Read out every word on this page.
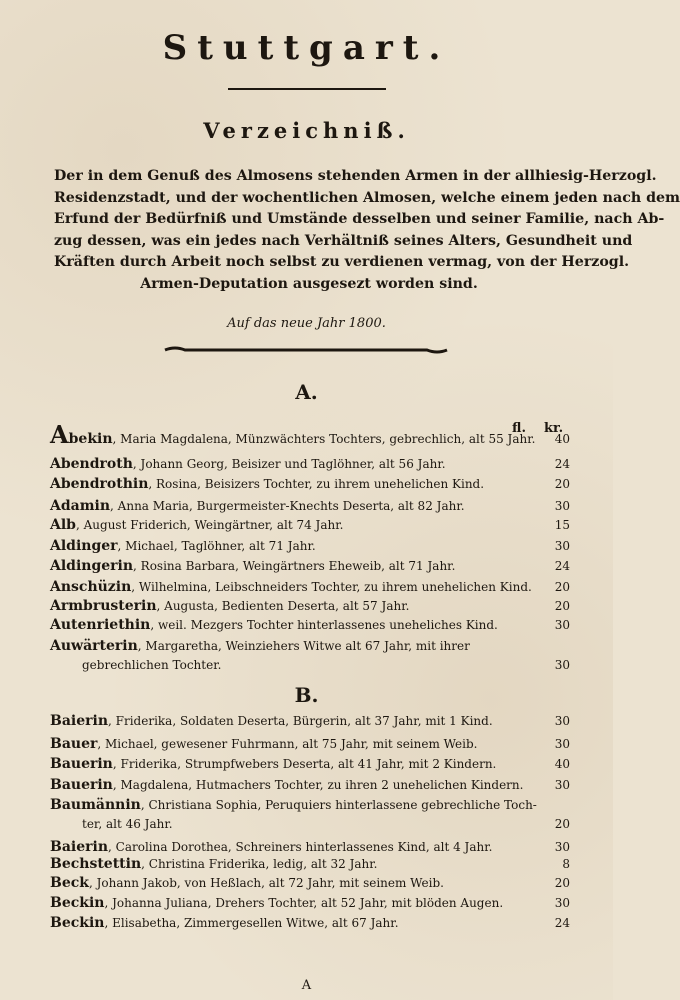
Stuttgart.
Verzeichniß.
Der in dem Genuß des Almosens stehenden Armen in der allhiesig-Herzogl.
Residenzstadt, und der wochentlichen Almosen, welche einem jeden nach dem
Erfund der Bedürfniß und Umstände desselben und seiner Familie, nach Ab-
zug dessen, was ein jedes nach Verhältniß seines Alters, Gesundheit und
Kräften durch Arbeit noch selbst zu verdienen vermag, von der Herzogl.
Armen-Deputation ausgesezt worden sind.
Auf das neue Jahr 1800.
A.
fl. kr.
Abekin, Maria Magdalena, Münzwächters Tochters, gebrechlich, alt 55 Jahr. 40
Abendroth, Johann Georg, Beisizer und Taglöhner, alt 56 Jahr.	24
Abendrothin, Rosina, Beisizers Tochter, zu ihrem unehelichen Kind.	20
Adamin, Anna Maria, Burgermeister-Knechts Deserta, alt 82 Jahr.	30
Alb, August Friderich, Weingärtner, alt 74 Jahr.	15
Aldinger, Michael, Taglöhner, alt 71 Jahr.	30
Aldingerin, Rosina Barbara, Weingärtners Eheweib, alt 71 Jahr.	24
Anschüzin, Wilhelmina, Leibschneiders Tochter, zu ihrem unehelichen Kind. 20
Armbrusterin, Augusta, Bedienten Deserta, alt 57 Jahr.	20
Autenriethin, weil. Mezgers Tochter hinterlassenes uneheliches Kind.	30
Auwärterin, Margaretha, Weinziehers Witwe alt 67 Jahr, mit ihrer
gebrechlichen Tochter.	30
B.
Baierin, Friderika, Soldaten Deserta, Bürgerin, alt 37 Jahr, mit 1 Kind.	30
Bauer, Michael, gewesener Fuhrmann, alt 75 Jahr, mit seinem Weib.	30
Bauerin, Friderika, Strumpfwebers Deserta, alt 41 Jahr, mit 2 Kindern.	40
Bauerin, Magdalena, Hutmachers Tochter, zu ihren 2 unehelichen Kindern.	30
Baumännin, Christiana Sophia, Peruquiers hinterlassene gebrechliche Toch-
ter, alt 46 Jahr.	20
Baierin, Carolina Dorothea, Schreiners hinterlassenes Kind, alt 4 Jahr.	30
Bechstettin, Christina Friderika, ledig, alt 32 Jahr.	8
Beck, Johann Jakob, von Heßlach, alt 72 Jahr, mit seinem Weib.	20
Beckin, Johanna Juliana, Drehers Tochter, alt 52 Jahr, mit blöden Augen.	30
Beckin, Elisabetha, Zimmergesellen Witwe, alt 67 Jahr.	24
A
